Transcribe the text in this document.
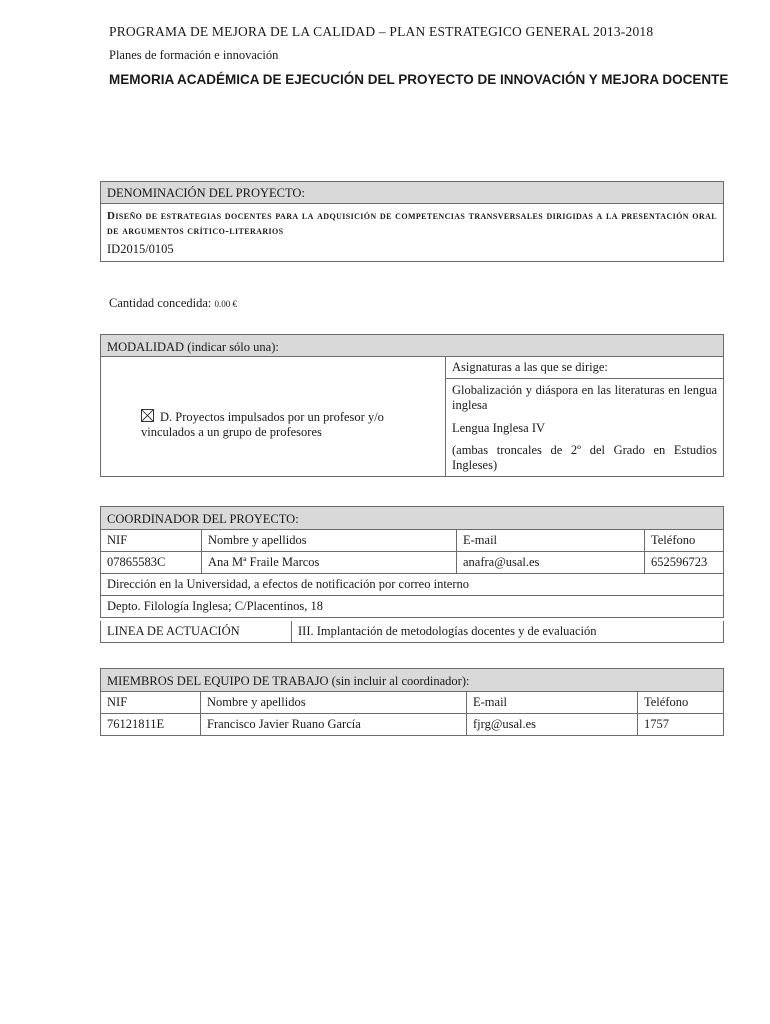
PROGRAMA DE MEJORA DE LA CALIDAD – PLAN ESTRATEGICO GENERAL 2013-2018
Planes de formación e innovación
MEMORIA ACADÉMICA DE EJECUCIÓN DEL PROYECTO DE INNOVACIÓN Y MEJORA DOCENTE
DENOMINACIÓN DEL PROYECTO:

Diseño de estrategias docentes para la adquisición de competencias transversales dirigidas a la presentación oral de argumentos crítico-literarios
ID2015/0105
Cantidad concedida: 0.00 €
MODALIDAD (indicar sólo una):

D. Proyectos impulsados por un profesor y/o vinculados a un grupo de profesores

	Asignaturas a las que se dirige:

Globalización y diáspora en las literaturas en lengua inglesa
Lengua Inglesa IV
(ambas troncales de 2º del Grado en Estudios Ingleses)
COORDINADOR DEL PROYECTO:			
NIF	Nombre y apellidos	E-mail	Teléfono
07865583C	Ana Mª Fraile Marcos	anafra@usal.es	652596723
Dirección en la Universidad, a efectos de notificación por correo interno			
Depto. Filología Inglesa; C/Placentinos, 18			
LINEA DE ACTUACIÓN	III. Implantación de metodologías docentes y de evaluación
MIEMBROS DEL EQUIPO DE TRABAJO (sin incluir al coordinador):			
NIF	Nombre y apellidos	E-mail	Teléfono
76121811E	Francisco Javier Ruano García	fjrg@usal.es	1757
